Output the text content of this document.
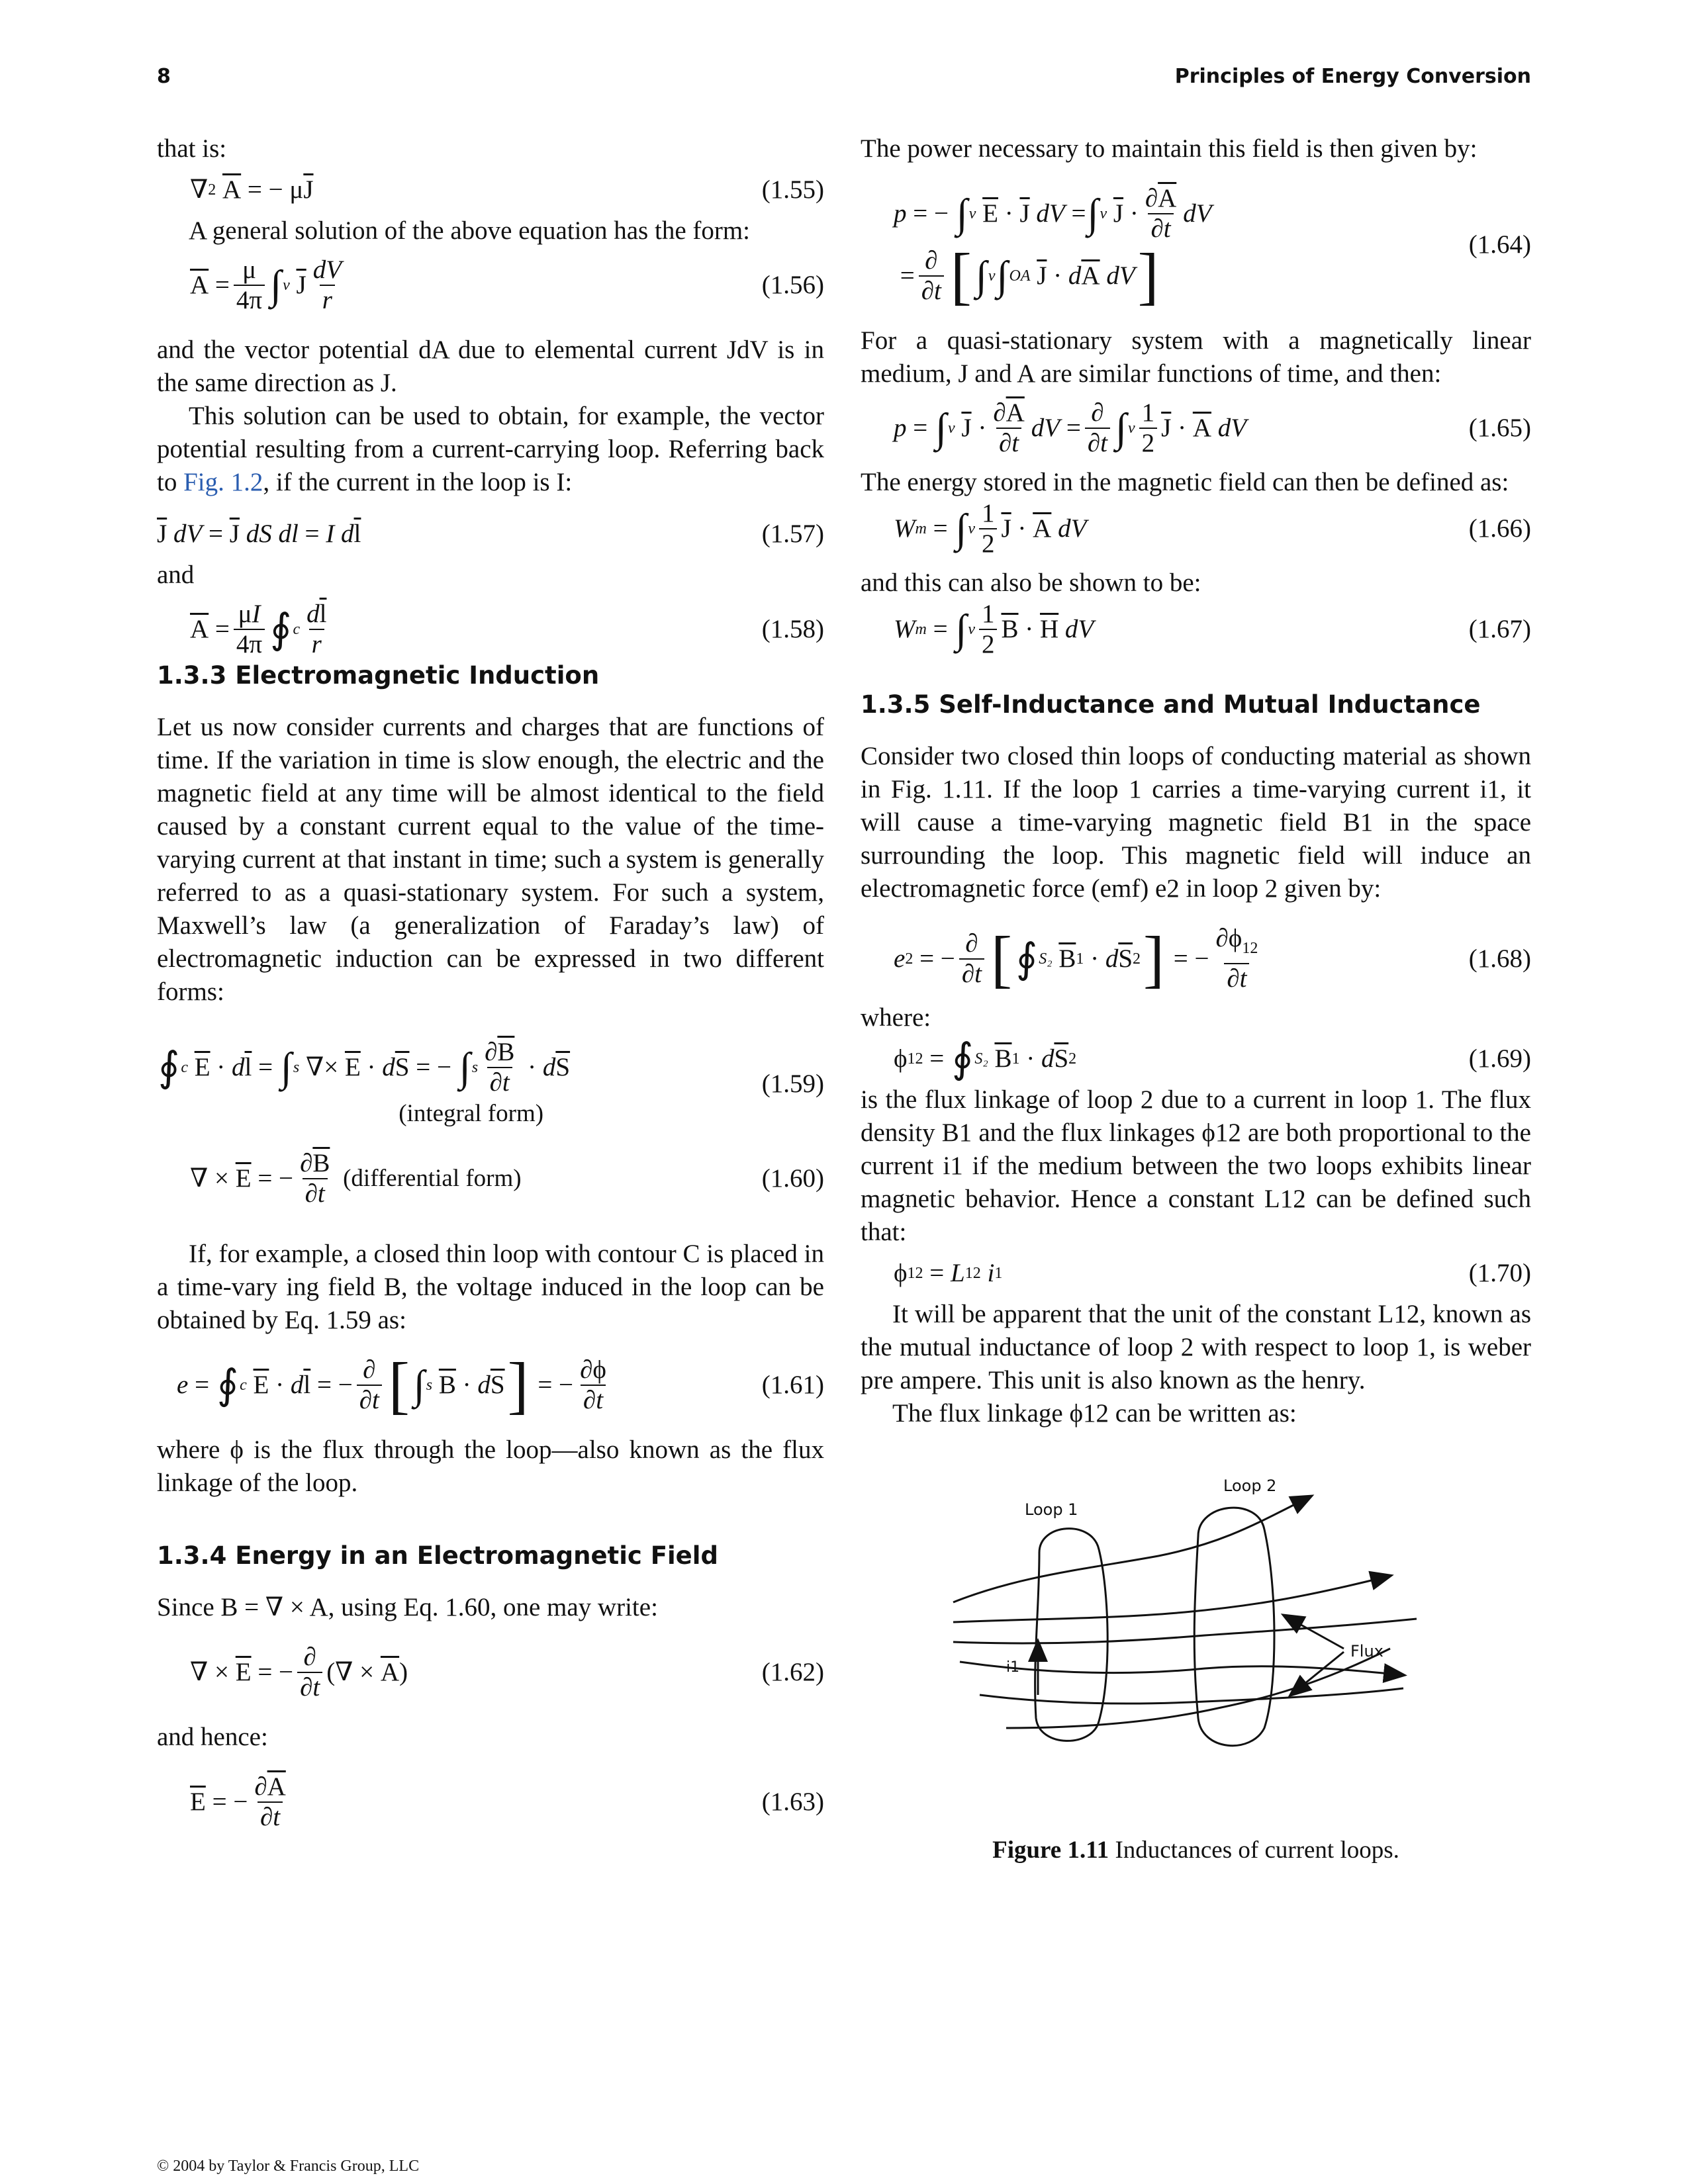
8	Principles of Energy Conversion

that is:

∇ 2
$\overline{A}$ = − μ $\overline{J}$	(1.55)

A general solution of the above equation has the form:

$\overline{A} = \frac{\mu}{4\pi}$ ∫ v
$\overline{J} \frac{dV}{r}$	(1.56)

and the vector potential dA due to elemental current JdV is in the same direction as J.

This solution can be used to obtain, for example, the vector potential resulting from a current-carrying loop. Referring back to Fig. 1.2, if the current in the loop is I:

$\overline{J}$
dV = $\overline{J}$
dS dl = I d $\overline{l}$	(1.57)

and

$\overline{A} = \frac{\mu I}{4\pi}$ ∮ c $\frac{d\overline{l}}{r}$	(1.58)
1.3.3 Electromagnetic Induction

Let us now consider currents and charges that are functions of time. If the variation in time is slow enough, the electric and the magnetic field at any time will be almost identical to the field caused by a constant current equal to the value of the time-varying current at that instant in time; such a system is generally referred to as a quasi-stationary system. For such a system, Maxwell’s law (a generalization of Faraday’s law) of electromagnetic induction can be expressed in two different forms:

∮ c
$\overline{E} \cdot d$ $\overline{l}$ = ∫ s ∇× $\overline{E} \cdot d$ $\overline{S}$ = − ∫ s $\frac{\partial\overline{B}}{\partial t} \cdot d$ $\overline{S}$
(integral form)
(1.59)
∇ × $\overline{E}$ = − $\frac{\partial\overline{B}}{\partial t}$
(differential form)	(1.60)

If, for example, a closed thin loop with contour C is placed in a time-vary ing field B, the voltage induced in the loop can be obtained by Eq. 1.59 as:

e = ∮ c
$\overline{E} \cdot d$ $\overline{l}$ = − $\frac{\partial}{\partial t}$ [ ∫ s
$\overline{B} \cdot d$ $\overline{S}$ ] = − $\frac{\partial\phi}{\partial t}$	(1.61)

where ϕ is the flux through the loop—also known as the flux linkage of the loop.

1.3.4 Energy in an Electromagnetic Field

Since B = ∇ × A, using Eq. 1.60, one may write:

∇ × $\overline{E}$ = − $\frac{\partial}{\partial t}$ (∇ × $\overline{A}$ )	(1.62)

and hence:

$\overline{E}$ = − $\frac{\partial\overline{A}}{\partial t}$	(1.63)

The power necessary to maintain this field is then given by:

p = − ∫ v
$\overline{E} \cdot \overline{J}$
dV = ∫ v
$\overline{J} \cdot \frac{\partial\overline{A}}{\partial t}$ dV
= $\frac{\partial}{\partial t}$ [ ∫ v ∫ O A
$\overline{J} \cdot d$ $\overline{A}$
dV ]	(1.64)

For a quasi-stationary system with a magnetically linear medium, J and A are similar functions of time, and then:

p = ∫ v
$\overline{J} \cdot \frac{\partial\overline{A}}{\partial t}$ dV = $\frac{\partial}{\partial t}$ ∫ v $\frac{1}{2} \overline{J} \cdot \overline{A}$
dV	(1.65)

The energy stored in the magnetic field can then be defined as:

W m = ∫ v $\frac{1}{2} \overline{J} \cdot \overline{A}$
dV	(1.66)

and this can also be shown to be:

W m = ∫ v $\frac{1}{2} \overline{B} \cdot \overline{H}$
dV	(1.67)
1.3.5 Self-Inductance and Mutual Inductance

Consider two closed thin loops of conducting material as shown in Fig. 1.11. If the loop 1 carries a time-varying current i1, it will cause a time-varying magnetic field B1 in the space surrounding the loop. This magnetic field will induce an electromagnetic force (emf) e2 in loop 2 given by:

e 2 = − $\frac{\partial}{\partial t}$ [ ∮ S₂
$\overline{B}$ 1 · d $\overline{S}$ 2 ] = − $\frac{\partial\phi_{12}}{\partial t}$	(1.68)

where:

ϕ 12 = ∮ S₂
$\overline{B}$ 1 · d $\overline{S}$ 2	(1.69)

is the flux linkage of loop 2 due to a current in loop 1. The flux density B1 and the flux linkages ϕ12 are both proportional to the current i1 if the medium between the two loops exhibits linear magnetic behavior. Hence a constant L12 can be defined such that:

ϕ 12 = L 12
i 1	(1.70)

It will be apparent that the unit of the constant L12, known as the mutual inductance of loop 2 with respect to loop 1, is weber pre ampere. This unit is also known as the henry.

The flux linkage ϕ12 can be written as:

Loop 1
Loop 2
Flux
i1

Figure 1.11 Inductances of current loops.

© 2004 by Taylor & Francis Group, LLC
